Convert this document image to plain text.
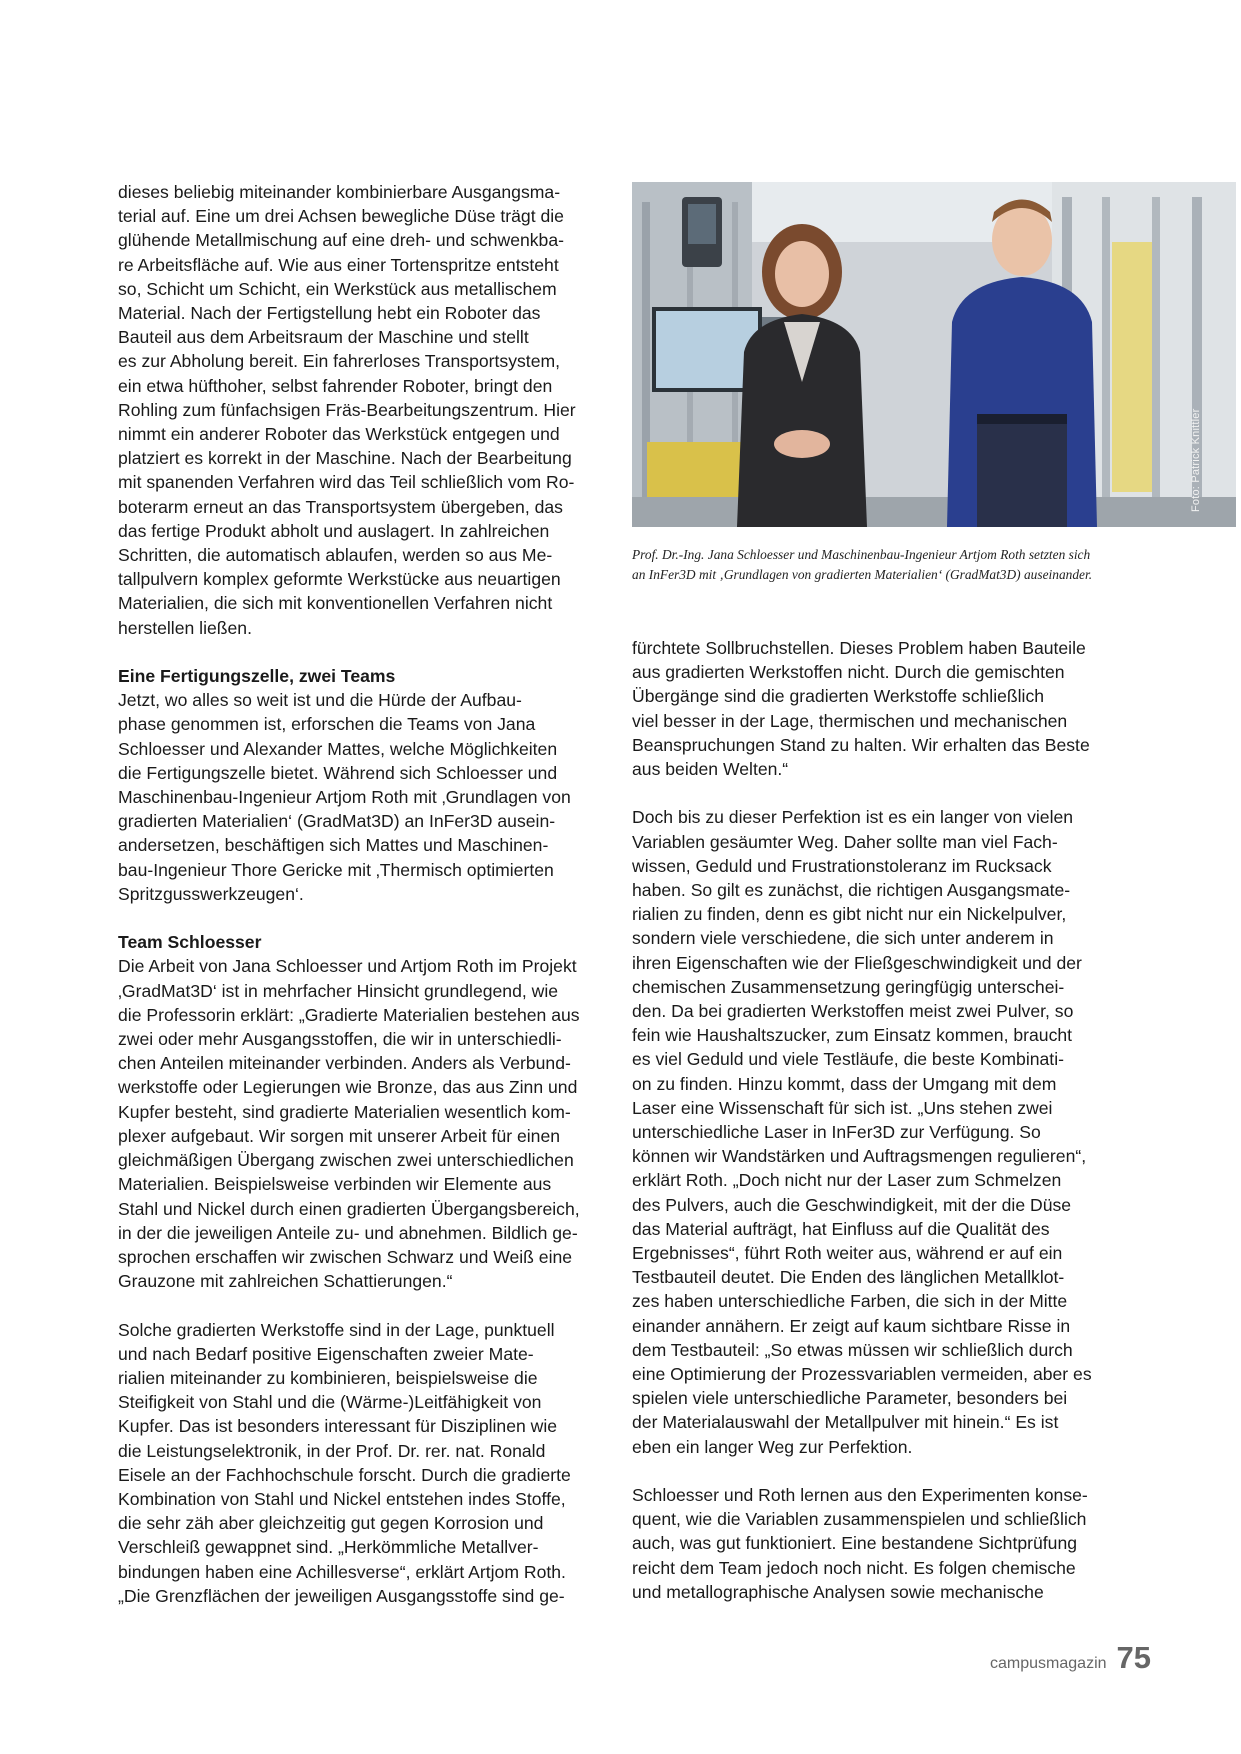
dieses beliebig miteinander kombinierbare Ausgangsma-
terial auf. Eine um drei Achsen bewegliche Düse trägt die
glühende Metallmischung auf eine dreh- und schwenkba-
re Arbeitsfläche auf. Wie aus einer Tortenspritze entsteht
so, Schicht um Schicht, ein Werkstück aus metallischem
Material. Nach der Fertigstellung hebt ein Roboter das
Bauteil aus dem Arbeitsraum der Maschine und stellt
es zur Abholung bereit. Ein fahrerloses Transportsystem,
ein etwa hüfthoher, selbst fahrender Roboter, bringt den
Rohling zum fünfachsigen Fräs-Bearbeitungszentrum. Hier
nimmt ein anderer Roboter das Werkstück entgegen und
platziert es korrekt in der Maschine. Nach der Bearbeitung
mit spanenden Verfahren wird das Teil schließlich vom Ro-
boterarm erneut an das Transportsystem übergeben, das
das fertige Produkt abholt und auslagert. In zahlreichen
Schritten, die automatisch ablaufen, werden so aus Me-
tallpulvern komplex geformte Werkstücke aus neuartigen
Materialien, die sich mit konventionellen Verfahren nicht
herstellen ließen.

Eine Fertigungszelle, zwei Teams

Jetzt, wo alles so weit ist und die Hürde der Aufbau-
phase genommen ist, erforschen die Teams von Jana
Schloesser und Alexander Mattes, welche Möglichkeiten
die Fertigungszelle bietet. Während sich Schloesser und
Maschinenbau-Ingenieur Artjom Roth mit ‚Grundlagen von
gradierten Materialien‘ (GradMat3D) an InFer3D ausein-
andersetzen, beschäftigen sich Mattes und Maschinen-
bau-Ingenieur Thore Gericke mit ‚Thermisch optimierten
Spritzgusswerkzeugen‘.

Team Schloesser

Die Arbeit von Jana Schloesser und Artjom Roth im Projekt
‚GradMat3D‘ ist in mehrfacher Hinsicht grundlegend, wie
die Professorin erklärt: „Gradierte Materialien bestehen aus
zwei oder mehr Ausgangsstoffen, die wir in unterschiedli-
chen Anteilen miteinander verbinden. Anders als Verbund-
werkstoffe oder Legierungen wie Bronze, das aus Zinn und
Kupfer besteht, sind gradierte Materialien wesentlich kom-
plexer aufgebaut. Wir sorgen mit unserer Arbeit für einen
gleichmäßigen Übergang zwischen zwei unterschiedlichen
Materialien. Beispielsweise verbinden wir Elemente aus
Stahl und Nickel durch einen gradierten Übergangsbereich,
in der die jeweiligen Anteile zu- und abnehmen. Bildlich ge-
sprochen erschaffen wir zwischen Schwarz und Weiß eine
Grauzone mit zahlreichen Schattierungen.“

Solche gradierten Werkstoffe sind in der Lage, punktuell
und nach Bedarf positive Eigenschaften zweier Mate-
rialien miteinander zu kombinieren, beispielsweise die
Steifigkeit von Stahl und die (Wärme-)Leitfähigkeit von
Kupfer. Das ist besonders interessant für Disziplinen wie
die Leistungselektronik, in der Prof. Dr. rer. nat. Ronald
Eisele an der Fachhochschule forscht. Durch die gradierte
Kombination von Stahl und Nickel entstehen indes Stoffe,
die sehr zäh aber gleichzeitig gut gegen Korrosion und
Verschleiß gewappnet sind. „Herkömmliche Metallver-
bindungen haben eine Achillesverse“, erklärt Artjom Roth.
„Die Grenzflächen der jeweiligen Ausgangsstoffe sind ge-

Foto: Patrick Knittler

Prof. Dr.-Ing. Jana Schloesser und Maschinenbau-Ingenieur Artjom Roth setzten sich
an InFer3D mit ‚Grundlagen von gradierten Materialien‘ (GradMat3D) auseinander.

fürchtete Sollbruchstellen. Dieses Problem haben Bauteile
aus gradierten Werkstoffen nicht. Durch die gemischten
Übergänge sind die gradierten Werkstoffe schließlich
viel besser in der Lage, thermischen und mechanischen
Beanspruchungen Stand zu halten. Wir erhalten das Beste
aus beiden Welten.“

Doch bis zu dieser Perfektion ist es ein langer von vielen
Variablen gesäumter Weg. Daher sollte man viel Fach-
wissen, Geduld und Frustrationstoleranz im Rucksack
haben. So gilt es zunächst, die richtigen Ausgangsmate-
rialien zu finden, denn es gibt nicht nur ein Nickelpulver,
sondern viele verschiedene, die sich unter anderem in
ihren Eigenschaften wie der Fließgeschwindigkeit und der
chemischen Zusammensetzung geringfügig unterschei-
den. Da bei gradierten Werkstoffen meist zwei Pulver, so
fein wie Haushaltszucker, zum Einsatz kommen, braucht
es viel Geduld und viele Testläufe, die beste Kombinati-
on zu finden. Hinzu kommt, dass der Umgang mit dem
Laser eine Wissenschaft für sich ist. „Uns stehen zwei
unterschiedliche Laser in InFer3D zur Verfügung. So
können wir Wandstärken und Auftragsmengen regulieren“,
erklärt Roth. „Doch nicht nur der Laser zum Schmelzen
des Pulvers, auch die Geschwindigkeit, mit der die Düse
das Material aufträgt, hat Einfluss auf die Qualität des
Ergebnisses“, führt Roth weiter aus, während er auf ein
Testbauteil deutet. Die Enden des länglichen Metallklot-
zes haben unterschiedliche Farben, die sich in der Mitte
einander annähern. Er zeigt auf kaum sichtbare Risse in
dem Testbauteil: „So etwas müssen wir schließlich durch
eine Optimierung der Prozessvariablen vermeiden, aber es
spielen viele unterschiedliche Parameter, besonders bei
der Materialauswahl der Metallpulver mit hinein.“ Es ist
eben ein langer Weg zur Perfektion.

Schloesser und Roth lernen aus den Experimenten konse-
quent, wie die Variablen zusammenspielen und schließlich
auch, was gut funktioniert. Eine bestandene Sichtprüfung
reicht dem Team jedoch noch nicht. Es folgen chemische
und metallographische Analysen sowie mechanische

campusmagazin 75
